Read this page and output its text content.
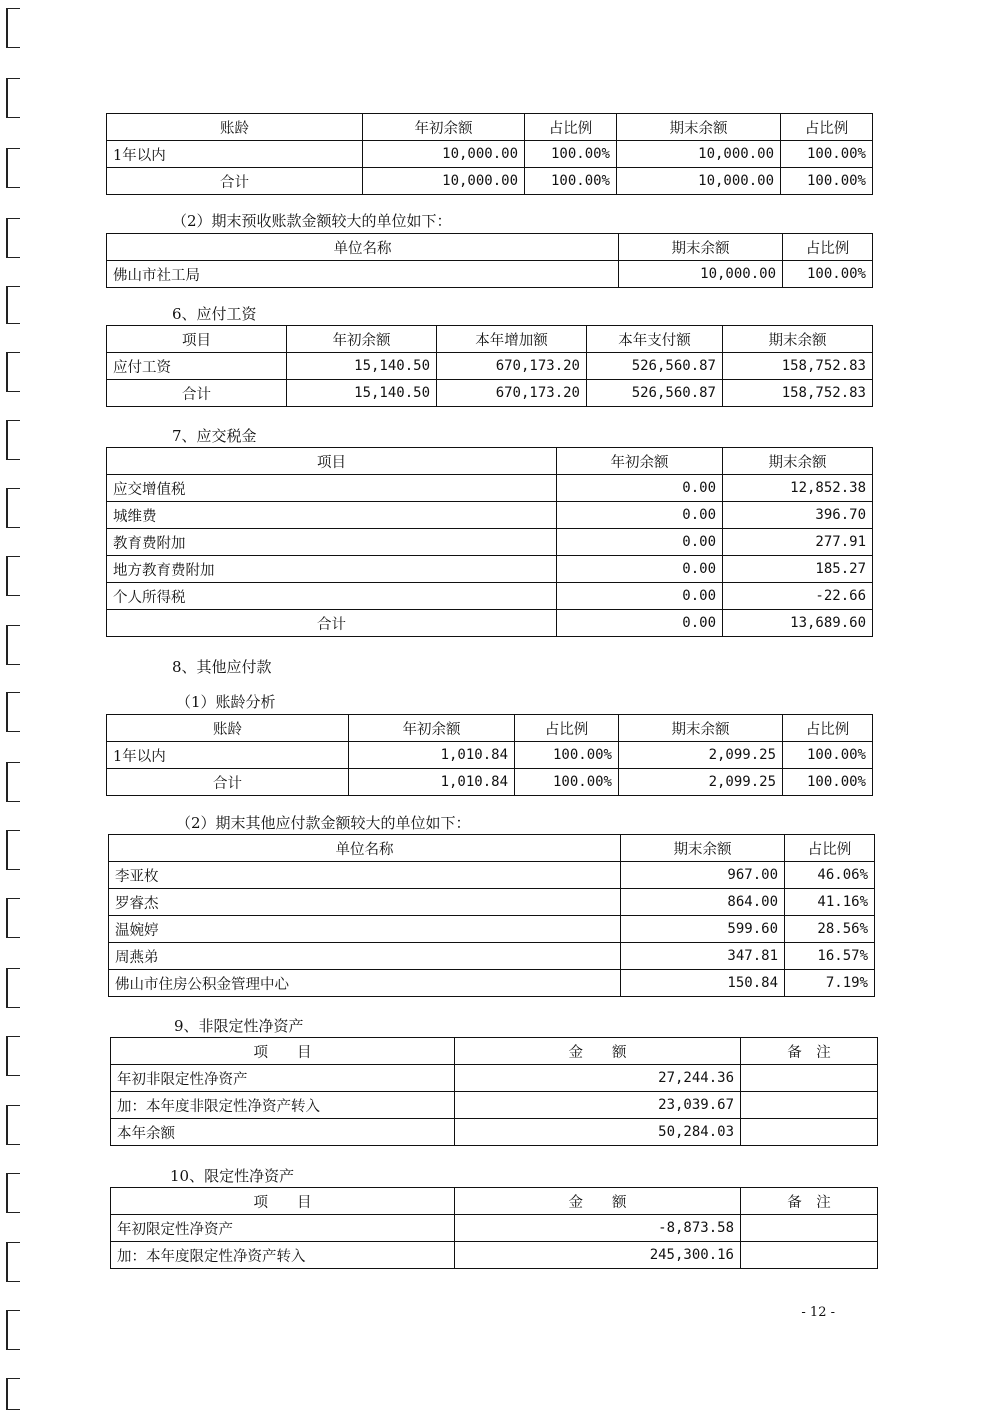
账龄	年初余额	占比例	期末余额	占比例
1年以内	10,000.00	100.00%	10,000.00	100.00%
合计	10,000.00	100.00%	10,000.00	100.00%
（2）期末预收账款金额较大的单位如下：
单位名称	期末余额	占比例
佛山市社工局	10,000.00	100.00%
6、应付工资
项目	年初余额	本年增加额	本年支付额	期末余额
应付工资	15,140.50	670,173.20	526,560.87	158,752.83
合计	15,140.50	670,173.20	526,560.87	158,752.83
7、应交税金
项目	年初余额	期末余额
应交增值税	0.00	12,852.38
城维费	0.00	396.70
教育费附加	0.00	277.91
地方教育费附加	0.00	185.27
个人所得税	0.00	-22.66
合计	0.00	13,689.60
8、其他应付款
（1）账龄分析
账龄	年初余额	占比例	期末余额	占比例
1年以内	1,010.84	100.00%	2,099.25	100.00%
合计	1,010.84	100.00%	2,099.25	100.00%
（2）期末其他应付款金额较大的单位如下：
单位名称	期末余额	占比例
李亚枚	967.00	46.06%
罗睿杰	864.00	41.16%
温婉婷	599.60	28.56%
周燕弟	347.81	16.57%
佛山市住房公积金管理中心	150.84	7.19%
9、非限定性净资产
项　　目	金　　额	备　注
年初非限定性净资产	27,244.36	
加：本年度非限定性净资产转入	23,039.67	
本年余额	50,284.03	
10、限定性净资产
项　　目	金　　额	备　注
年初限定性净资产	-8,873.58	
加：本年度限定性净资产转入	245,300.16	
- 12 -
